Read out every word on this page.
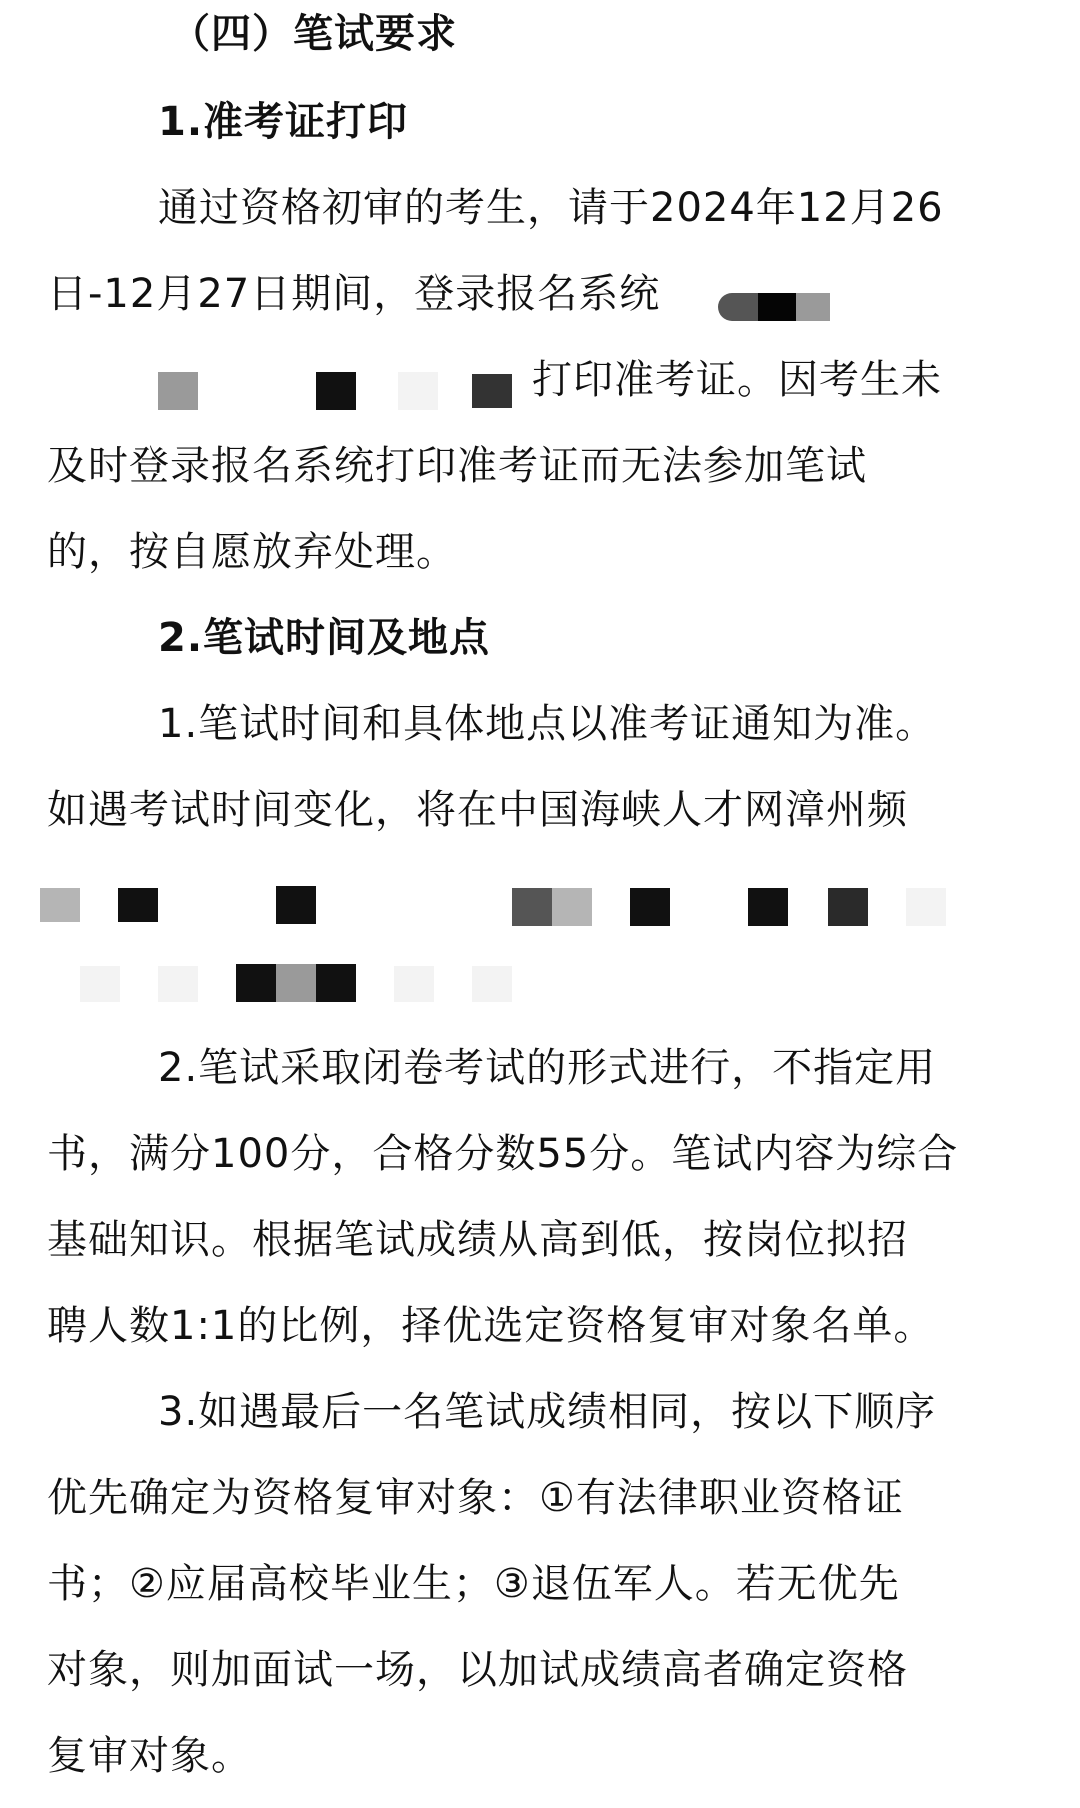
（四）笔试要求
1.准考证打印
通过资格初审的考生，请于2024年12月26
日-12月27日期间，登录报名系统
打印准考证。因考生未
及时登录报名系统打印准考证而无法参加笔试
的，按自愿放弃处理。
2.笔试时间及地点
1.笔试时间和具体地点以准考证通知为准。
如遇考试时间变化，将在中国海峡人才网漳州频
2.笔试采取闭卷考试的形式进行，不指定用
书，满分100分，合格分数55分。笔试内容为综合
基础知识。根据笔试成绩从高到低，按岗位拟招
聘人数1:1的比例，择优选定资格复审对象名单。
3.如遇最后一名笔试成绩相同，按以下顺序
优先确定为资格复审对象：①有法律职业资格证
书；②应届高校毕业生；③退伍军人。若无优先
对象，则加面试一场，以加试成绩高者确定资格
复审对象。
